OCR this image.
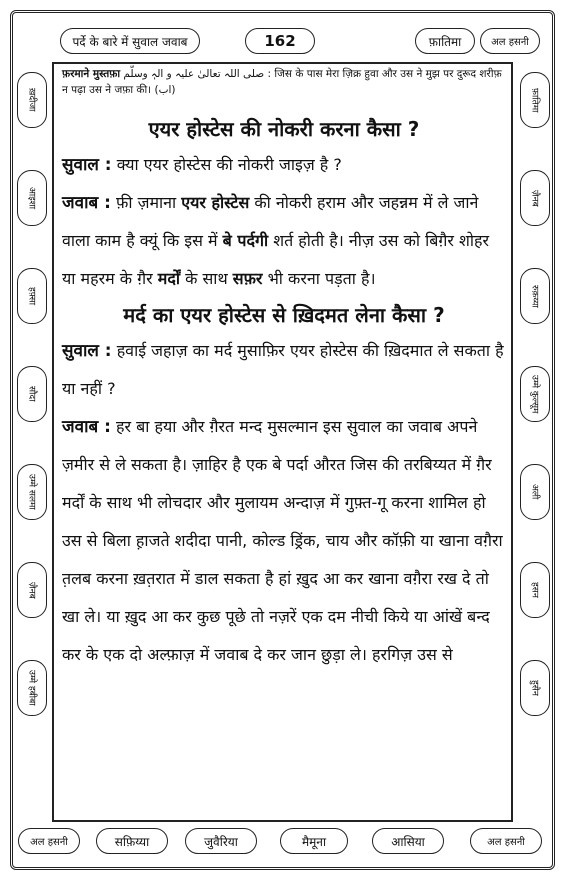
पर्दे के बारे में सुवाल जवाब	162	फ़ातिमा	अल हसनी
ख़दीजा
आइशा
हफ़्सा
सौदा
उम्मे सलमा
ज़ैनब
उम्मे हबीबा
फ़ातिमा
ज़ैनब
रुक़य्या
उम्मे कुल्सूम
अली
हसन
हुसैन
फ़रमाने मुस्तफ़ा صلی اللہ تعالیٰ علیہ و الہٖ وسلّم : जिस के पास मेरा ज़िक्र हुवा और उस ने मुझ पर दुरूद शरीफ़ न पढ़ा उस ने जफ़ा की। (اب)

एयर होस्टेस की नोकरी करना कैसा ?

सुवाल : क्या एयर होस्टेस की नोकरी जाइज़ है ?

जवाब : फ़ी ज़माना एयर होस्टेस की नोकरी हराम और जहन्नम में ले जाने वाला काम है क्यूं कि इस में बे पर्दगी शर्त होती है। नीज़ उस को बिग़ैर शोहर या महरम के ग़ैर मर्दों के साथ सफ़र भी करना पड़ता है।

मर्द का एयर होस्टेस से ख़िदमत लेना कैसा ?

सुवाल : हवाई जहाज़ का मर्द मुसाफ़िर एयर होस्टेस की ख़िदमात ले सकता है या नहीं ?

जवाब : हर बा हया और ग़ैरत मन्द मुसल्मान इस सुवाल का जवाब अपने ज़मीर से ले सकता है। ज़ाहिर है एक बे पर्दा औरत जिस की तरबिय्यत में ग़ैर मर्दों के साथ भी लोचदार और मुलायम अन्दाज़ में गुफ़्त-गू करना शामिल हो उस से बिला ह़ाजते शदीदा पानी, कोल्ड ड्रिंक, चाय और कॉफ़ी या खाना वग़ैरा त़लब करना ख़त़रात में डाल सकता है हां ख़ुद आ कर खाना वग़ैरा रख दे तो खा ले। या ख़ुद आ कर कुछ पूछे तो नज़रें एक दम नीची किये या आंखें बन्द कर के एक दो अल्फ़ाज़ में जवाब दे कर जान छुड़ा ले। हरगिज़ उस से

अल हसनी	सफ़िय्या	जुवैरिया	मैमूना	आसिया	अल हसनी
